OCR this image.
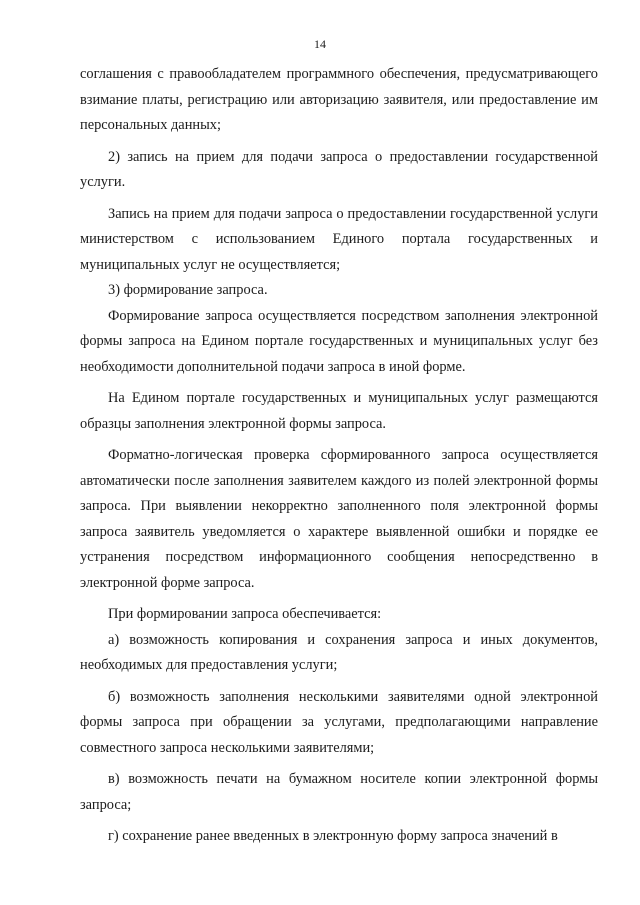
14

соглашения с правообладателем программного обеспечения, предусматривающего взимание платы, регистрацию или авторизацию заявителя, или предоставление им персональных данных;

2) запись на прием для подачи запроса о предоставлении государственной услуги.

Запись на прием для подачи запроса о предоставлении государственной услуги министерством с использованием Единого портала государственных и муниципальных услуг не осуществляется;

3) формирование запроса.

Формирование запроса осуществляется посредством заполнения электронной формы запроса на Едином портале государственных и муниципальных услуг без необходимости дополнительной подачи запроса в иной форме.

На Едином портале государственных и муниципальных услуг размещаются образцы заполнения электронной формы запроса.

Форматно-логическая проверка сформированного запроса осуществляется автоматически после заполнения заявителем каждого из полей электронной формы запроса. При выявлении некорректно заполненного поля электронной формы запроса заявитель уведомляется о характере выявленной ошибки и порядке ее устранения посредством информационного сообщения непосредственно в электронной форме запроса.

При формировании запроса обеспечивается:

а) возможность копирования и сохранения запроса и иных документов, необходимых для предоставления услуги;

б) возможность заполнения несколькими заявителями одной электронной формы запроса при обращении за услугами, предполагающими направление совместного запроса несколькими заявителями;

в) возможность печати на бумажном носителе копии электронной формы запроса;

г) сохранение ранее введенных в электронную форму запроса значений в
